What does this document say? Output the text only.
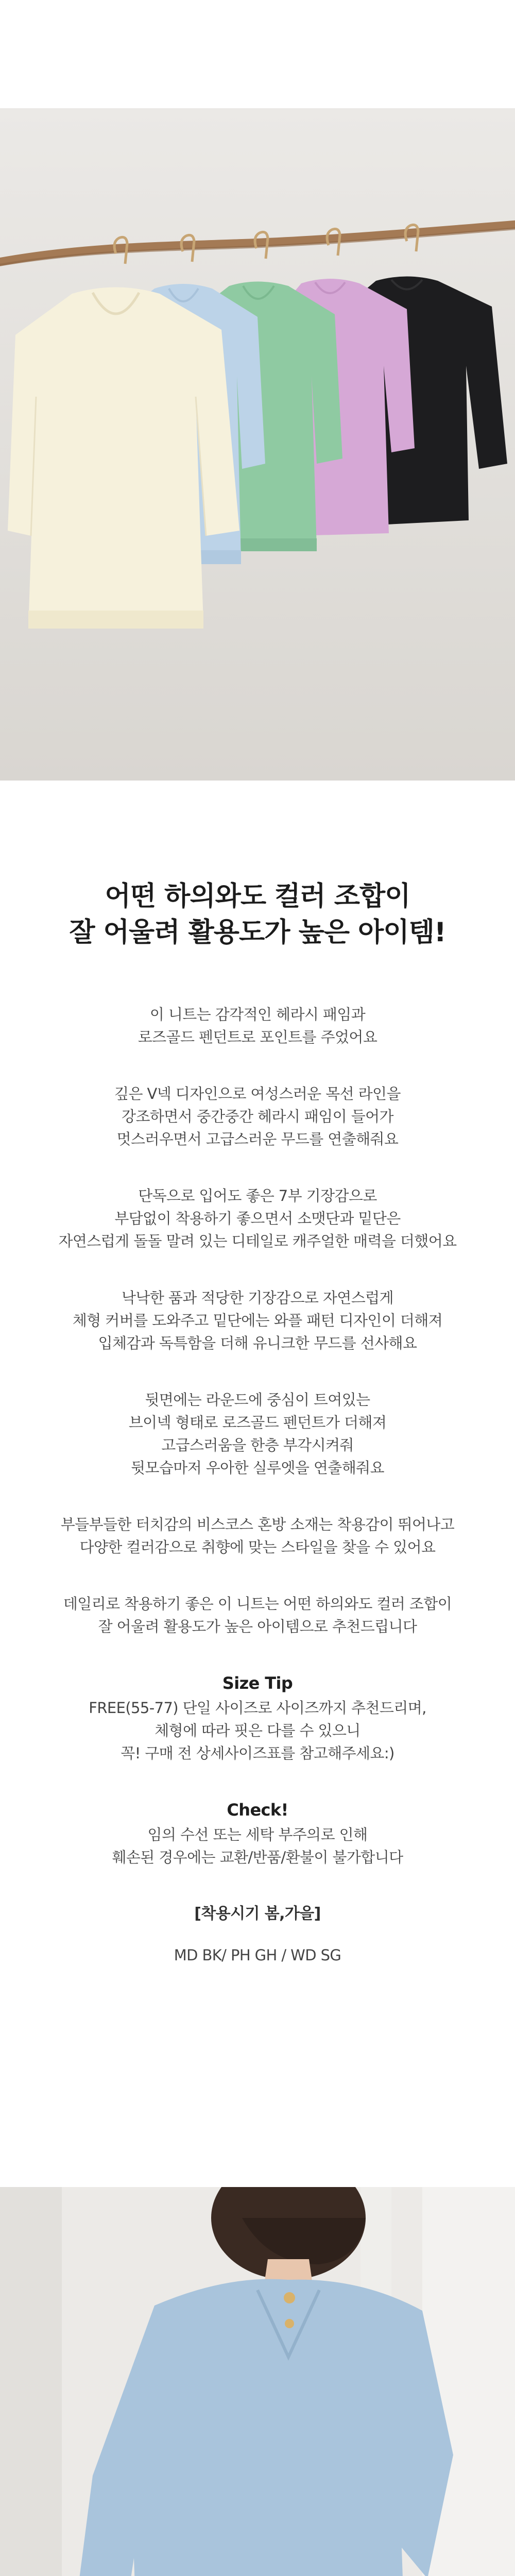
어떤 하의와도 컬러 조합이
잘 어울려 활용도가 높은 아이템!
이 니트는 감각적인 헤라시 패임과
로즈골드 펜던트로 포인트를 주었어요
깊은 V넥 디자인으로 여성스러운 목선 라인을
강조하면서 중간중간 헤라시 패임이 들어가
멋스러우면서 고급스러운 무드를 연출해줘요
단독으로 입어도 좋은 7부 기장감으로
부담없이 착용하기 좋으면서 소맷단과 밑단은
자연스럽게 돌돌 말려 있는 디테일로 캐주얼한 매력을 더했어요
낙낙한 품과 적당한 기장감으로 자연스럽게
체형 커버를 도와주고 밑단에는 와플 패턴 디자인이 더해져
입체감과 독특함을 더해 유니크한 무드를 선사해요
뒷면에는 라운드에 중심이 트여있는
브이넥 형태로 로즈골드 펜던트가 더해져
고급스러움을 한층 부각시켜줘
뒷모습마저 우아한 실루엣을 연출해줘요
부들부들한 터치감의 비스코스 혼방 소재는 착용감이 뛰어나고
다양한 컬러감으로 취향에 맞는 스타일을 찾을 수 있어요
데일리로 착용하기 좋은 이 니트는 어떤 하의와도 컬러 조합이
잘 어울려 활용도가 높은 아이템으로 추천드립니다
Size Tip
FREE(55-77) 단일 사이즈로 사이즈까지 추천드리며,
체형에 따라 핏은 다를 수 있으니
꼭! 구매 전 상세사이즈표를 참고해주세요:)
Check!
임의 수선 또는 세탁 부주의로 인해
훼손된 경우에는 교환/반품/환불이 불가합니다
[착용시기 봄,가을]
MD BK/ PH GH / WD SG
